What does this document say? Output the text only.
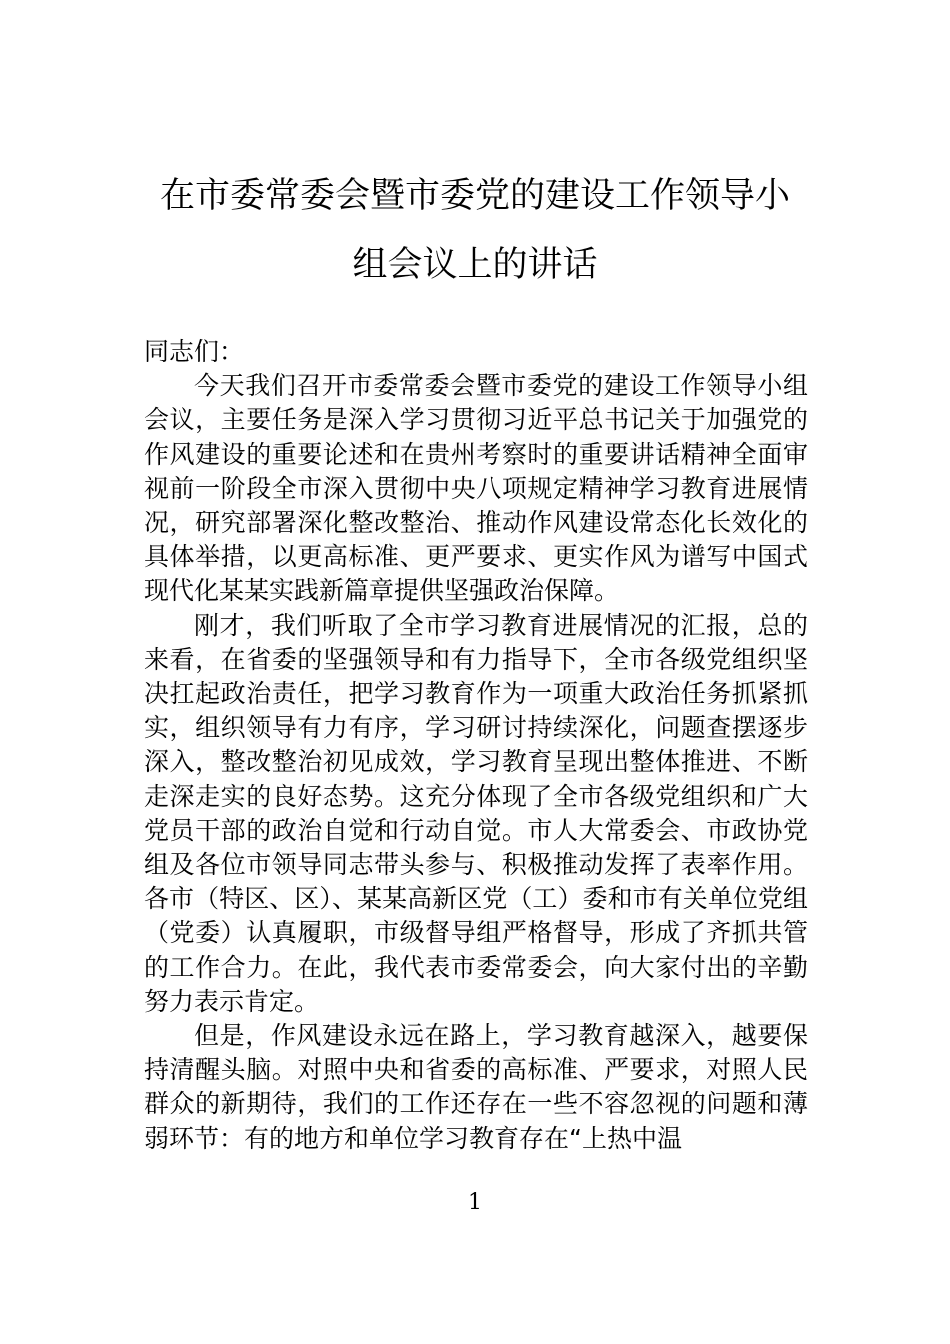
在市委常委会暨市委党的建设工作领导小
组会议上的讲话

同志们：

今天我们召开市委常委会暨市委党的建设工作领导小组会议，主要任务是深入学习贯彻习近平总书记关于加强党的作风建设的重要论述和在贵州考察时的重要讲话精神全面审视前一阶段全市深入贯彻中央八项规定精神学习教育进展情况，研究部署深化整改整治、推动作风建设常态化长效化的具体举措，以更高标准、更严要求、更实作风为谱写中国式现代化某某实践新篇章提供坚强政治保障。

刚才，我们听取了全市学习教育进展情况的汇报，总的来看，在省委的坚强领导和有力指导下，全市各级党组织坚决扛起政治责任，把学习教育作为一项重大政治任务抓紧抓实，组织领导有力有序，学习研讨持续深化，问题查摆逐步深入，整改整治初见成效，学习教育呈现出整体推进、不断走深走实的良好态势。这充分体现了全市各级党组织和广大党员干部的政治自觉和行动自觉。市人大常委会、市政协党组及各位市领导同志带头参与、积极推动发挥了表率作用。各市（特区、区）、某某高新区党（工）委和市有关单位党组（党委）认真履职，市级督导组严格督导，形成了齐抓共管的工作合力。在此，我代表市委常委会，向大家付出的辛勤努力表示肯定。

但是，作风建设永远在路上，学习教育越深入，越要保持清醒头脑。对照中央和省委的高标准、严要求，对照人民群众的新期待，我们的工作还存在一些不容忽视的问题和薄弱环节：有的地方和单位学习教育存在“上热中温

1
